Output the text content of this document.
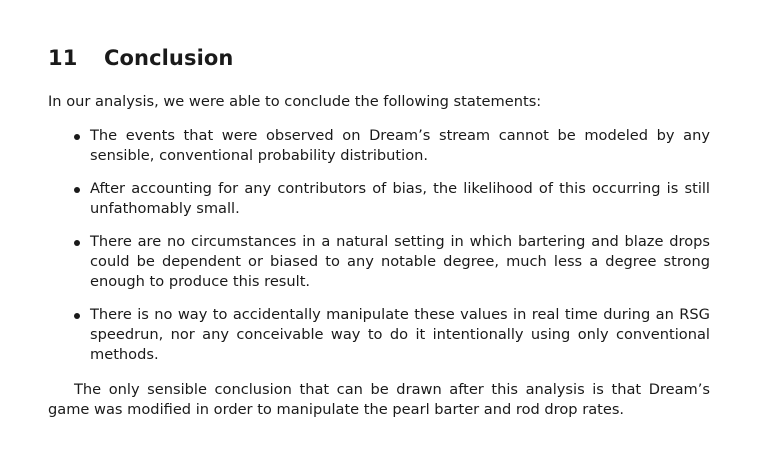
11 Conclusion

In our analysis, we were able to conclude the following statements:

The events that were observed on Dream’s stream cannot be modeled by any sensible, conventional probability distribution.
After accounting for any contributors of bias, the likelihood of this occurring is still unfathomably small.
There are no circumstances in a natural setting in which bartering and blaze drops could be dependent or biased to any notable degree, much less a degree strong enough to produce this result.
There is no way to accidentally manipulate these values in real time during an RSG speedrun, nor any conceivable way to do it intentionally using only conventional methods.

The only sensible conclusion that can be drawn after this analysis is that Dream’s game was modified in order to manipulate the pearl barter and rod drop rates.
